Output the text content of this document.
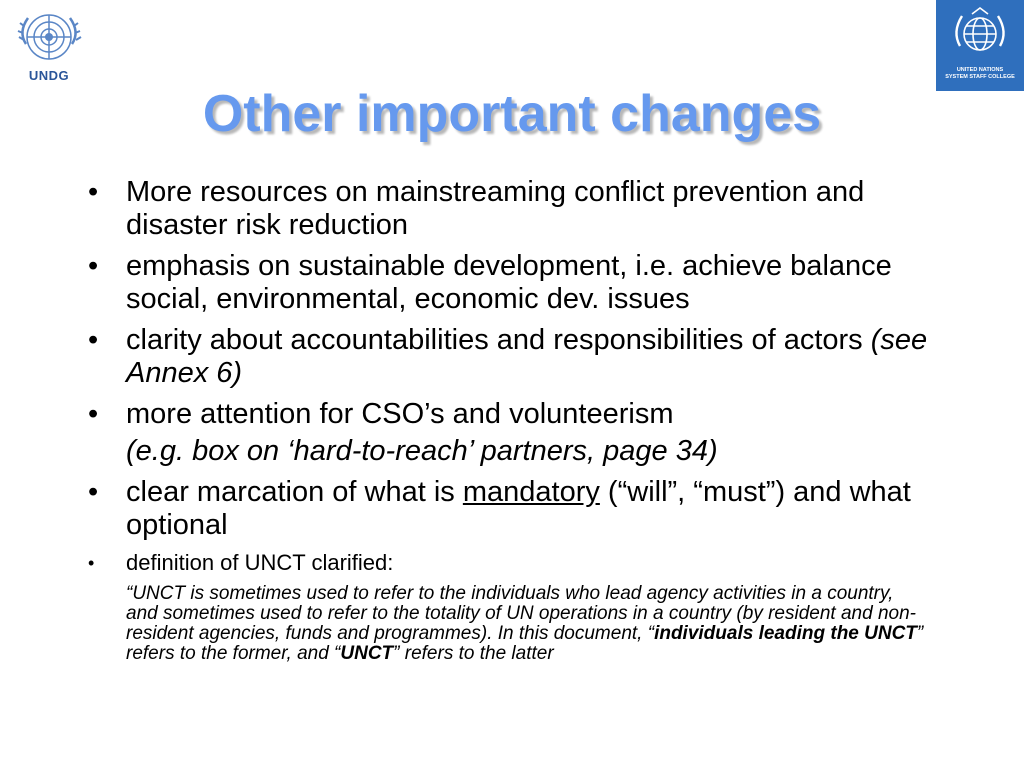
UNDG	UNITED NATIONS
SYSTEM STAFF COLLEGE
Other important changes
• More resources on mainstreaming conflict prevention and disaster risk reduction
• emphasis on sustainable development, i.e. achieve balance social, environmental, economic dev. issues
• clarity about accountabilities and responsibilities of actors (see Annex 6)
• more attention for CSO’s and volunteerism
(e.g. box on ‘hard-to-reach’ partners, page 34)
• clear marcation of what is mandatory (“will”, “must”) and what optional
• definition of UNCT clarified:
“UNCT is sometimes used to refer to the individuals who lead agency activities in a country, and sometimes used to refer to the totality of UN operations in a country (by resident and non-resident agencies, funds and programmes). In this document, “individuals leading the UNCT” refers to the former, and “UNCT” refers to the latter
